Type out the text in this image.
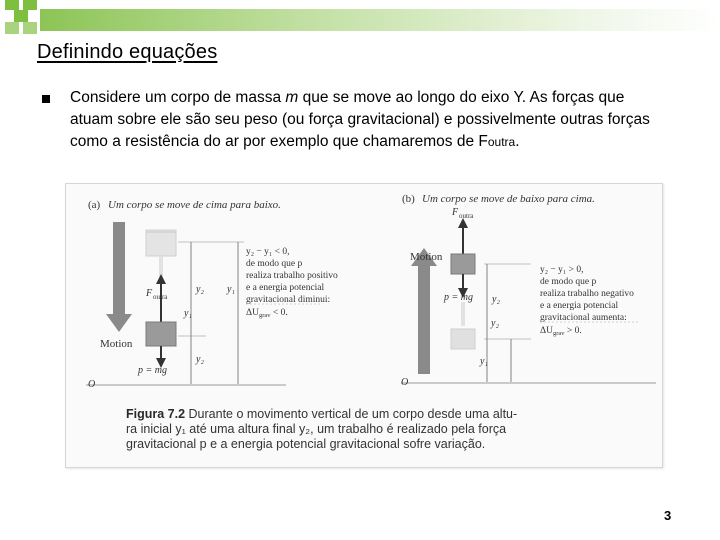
Definindo equações
Considere um corpo de massa m que se move ao longo do eixo Y. As forças que atuam sobre ele são seu peso (ou força gravitacional) e possivelmente outras forças como a resistência do ar por exemplo que chamaremos de Foutra.
(a) Um corpo se move de cima para baixo.
Motion
F outra
p = mg
O
y₂ y₁
y₁
y₂
y₂ − y₁ < 0, de modo que p realiza trabalho positivo e a energia potencial gravitacional diminui:
$\Delta U_{grav} < 0$.
(b) Um corpo se move de baixo para cima.
F outra
p = mg
Motion
O
y₂
y₁
y₂
y₂ − y₁ > 0, de modo que p realiza trabalho negativo e a energia potencial gravitacional aumenta:
$\Delta U_{grav} > 0$.
Figura 7.2 Durante o movimento vertical de um corpo desde uma altu-
ra inicial y₁ até uma altura final y₂, um trabalho é realizado pela força
gravitacional p e a energia potencial gravitacional sofre variação.
3
